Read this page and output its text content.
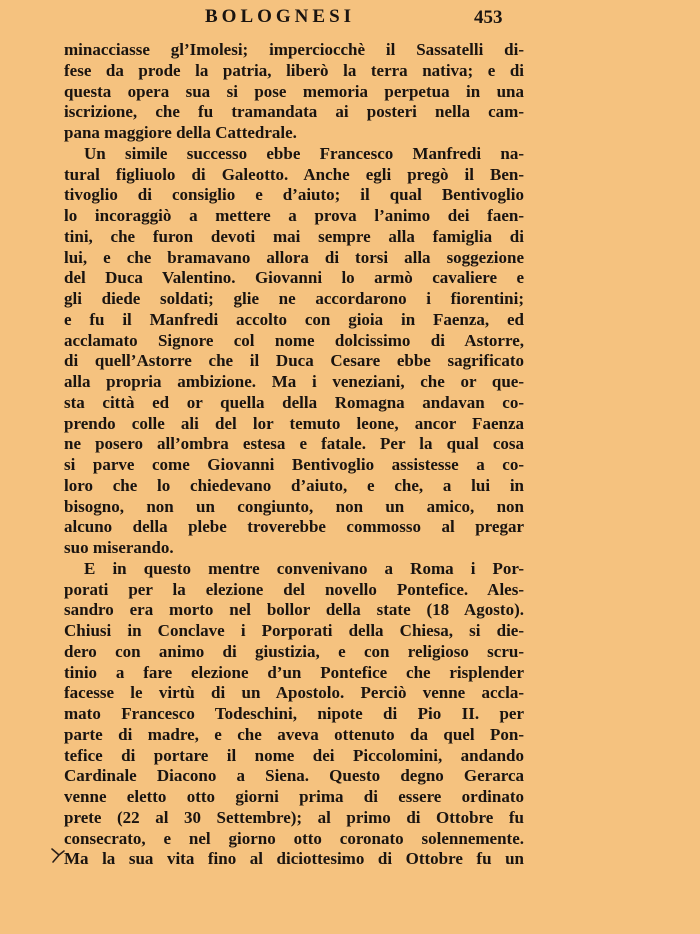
BOLOGNESI	453
minacciasse gl’Imolesi; imperciocchè il Sassatelli di-
fese da prode la patria, liberò la terra nativa; e di
questa opera sua si pose memoria perpetua in una
iscrizione, che fu tramandata ai posteri nella cam-
pana maggiore della Cattedrale.
Un simile successo ebbe Francesco Manfredi na-
tural figliuolo di Galeotto. Anche egli pregò il Ben-
tivoglio di consiglio e d’aiuto; il qual Bentivoglio
lo incoraggiò a mettere a prova l’animo dei faen-
tini, che furon devoti mai sempre alla famiglia di
lui, e che bramavano allora di torsi alla soggezione
del Duca Valentino. Giovanni lo armò cavaliere e
gli diede soldati; glie ne accordarono i fiorentini;
e fu il Manfredi accolto con gioia in Faenza, ed
acclamato Signore col nome dolcissimo di Astorre,
di quell’Astorre che il Duca Cesare ebbe sagrificato
alla propria ambizione. Ma i veneziani, che or que-
sta città ed or quella della Romagna andavan co-
prendo colle ali del lor temuto leone, ancor Faenza
ne posero all’ombra estesa e fatale. Per la qual cosa
si parve come Giovanni Bentivoglio assistesse a co-
loro che lo chiedevano d’aiuto, e che, a lui in
bisogno, non un congiunto, non un amico, non
alcuno della plebe troverebbe commosso al pregar
suo miserando.
E in questo mentre convenivano a Roma i Por-
porati per la elezione del novello Pontefice. Ales-
sandro era morto nel bollor della state (18 Agosto).
Chiusi in Conclave i Porporati della Chiesa, si die-
dero con animo di giustizia, e con religioso scru-
tinio a fare elezione d’un Pontefice che risplender
facesse le virtù di un Apostolo. Perciò venne accla-
mato Francesco Todeschini, nipote di Pio II. per
parte di madre, e che aveva ottenuto da quel Pon-
tefice di portare il nome dei Piccolomini, andando
Cardinale Diacono a Siena. Questo degno Gerarca
venne eletto otto giorni prima di essere ordinato
prete (22 al 30 Settembre); al primo di Ottobre fu
consecrato, e nel giorno otto coronato solennemente.
Ma la sua vita fino al diciottesimo di Ottobre fu un
